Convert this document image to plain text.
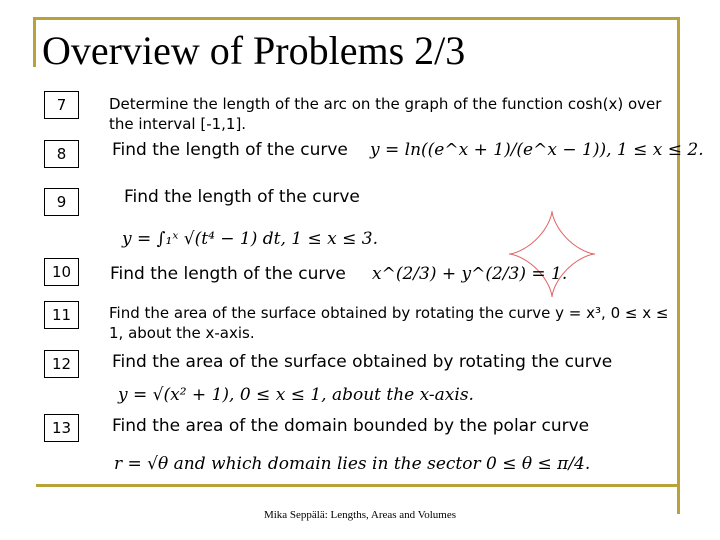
Overview of Problems 2/3
7	Determine the length of the arc on the graph of the function cosh(x) over the interval [-1,1].
8	Find the length of the curve y = ln((e^x + 1)/(e^x − 1)), 1 ≤ x ≤ 2.
9	Find the length of the curve
y = ∫₁ˣ √(t⁴ − 1) dt, 1 ≤ x ≤ 3.
10	Find the length of the curve x^(2/3) + y^(2/3) = 1.
11	Find the area of the surface obtained by rotating the curve y = x³, 0 ≤ x ≤ 1, about the x-axis.
12	Find the area of the surface obtained by rotating the curve
y = √(x² + 1), 0 ≤ x ≤ 1, about the x-axis.
13	Find the area of the domain bounded by the polar curve
r = √θ and which domain lies in the sector 0 ≤ θ ≤ π/4.
Mika Seppälä: Lengths, Areas and Volumes
